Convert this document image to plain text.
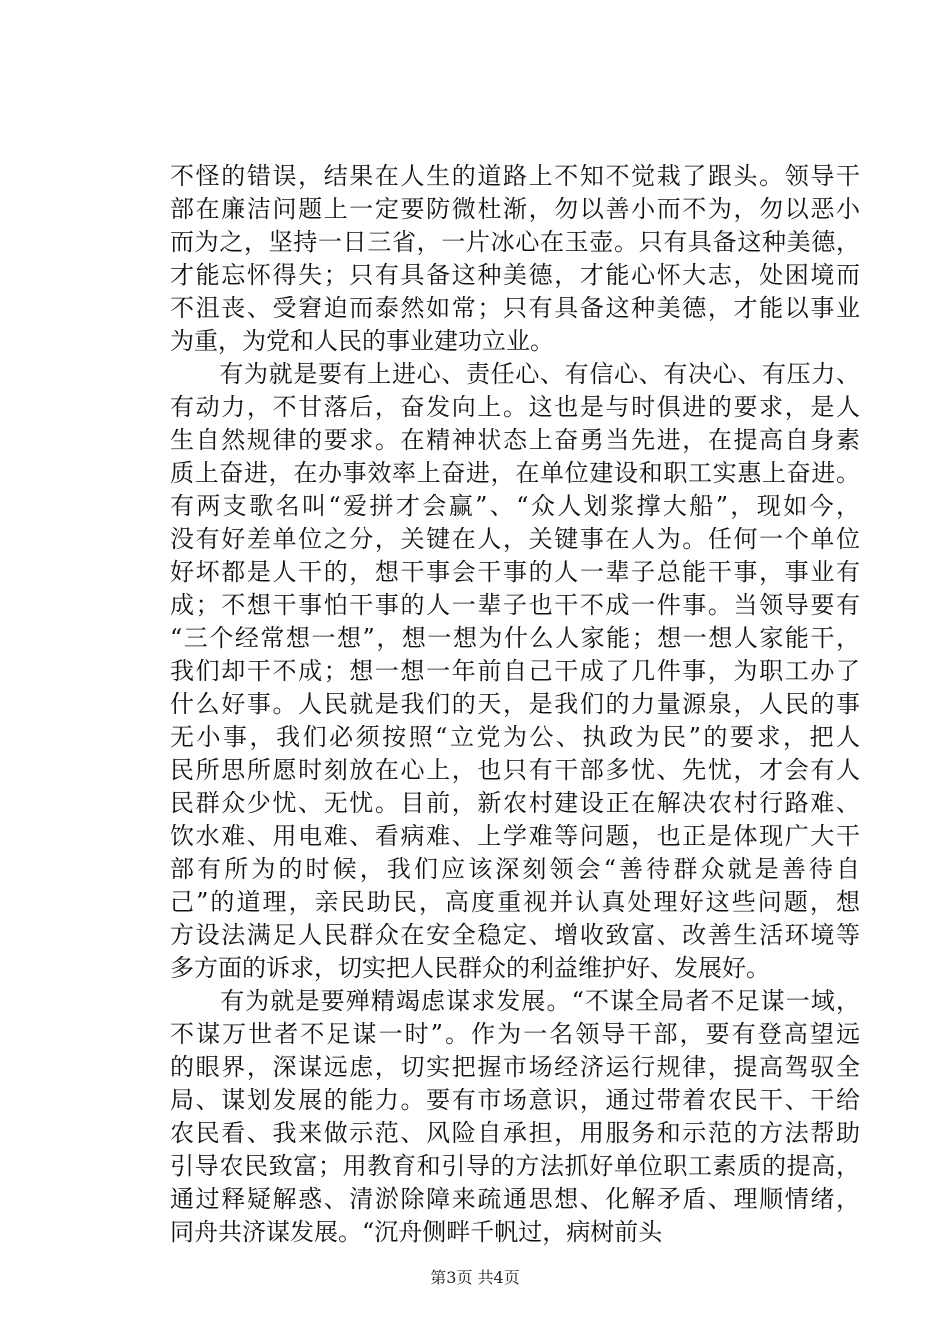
不怪的错误，结果在人生的道路上不知不觉栽了跟头。领导干
部在廉洁问题上一定要防微杜渐，勿以善小而不为，勿以恶小
而为之，坚持一日三省，一片冰心在玉壶。只有具备这种美德，
才能忘怀得失；只有具备这种美德，才能心怀大志，处困境而
不沮丧、受窘迫而泰然如常；只有具备这种美德，才能以事业
为重，为党和人民的事业建功立业。
　　有为就是要有上进心、责任心、有信心、有决心、有压力、
有动力，不甘落后，奋发向上。这也是与时俱进的要求，是人
生自然规律的要求。在精神状态上奋勇当先进，在提高自身素
质上奋进，在办事效率上奋进，在单位建设和职工实惠上奋进。
有两支歌名叫“爱拼才会赢”、“众人划浆撑大船”，现如今，
没有好差单位之分，关键在人，关键事在人为。任何一个单位
好坏都是人干的，想干事会干事的人一辈子总能干事，事业有
成；不想干事怕干事的人一辈子也干不成一件事。当领导要有
“三个经常想一想”，想一想为什么人家能；想一想人家能干，
我们却干不成；想一想一年前自己干成了几件事，为职工办了
什么好事。人民就是我们的天，是我们的力量源泉，人民的事
无小事，我们必须按照“立党为公、执政为民”的要求，把人
民所思所愿时刻放在心上，也只有干部多忧、先忧，才会有人
民群众少忧、无忧。目前，新农村建设正在解决农村行路难、
饮水难、用电难、看病难、上学难等问题，也正是体现广大干
部有所为的时候，我们应该深刻领会“善待群众就是善待自
己”的道理，亲民助民，高度重视并认真处理好这些问题，想
方设法满足人民群众在安全稳定、增收致富、改善生活环境等
多方面的诉求，切实把人民群众的利益维护好、发展好。
　　有为就是要殚精竭虑谋求发展。“不谋全局者不足谋一域，
不谋万世者不足谋一时”。作为一名领导干部，要有登高望远
的眼界，深谋远虑，切实把握市场经济运行规律，提高驾驭全
局、谋划发展的能力。要有市场意识，通过带着农民干、干给
农民看、我来做示范、风险自承担，用服务和示范的方法帮助
引导农民致富；用教育和引导的方法抓好单位职工素质的提高，
通过释疑解惑、清淤除障来疏通思想、化解矛盾、理顺情绪，
同舟共济谋发展。“沉舟侧畔千帆过，病树前头
第3页 共4页
